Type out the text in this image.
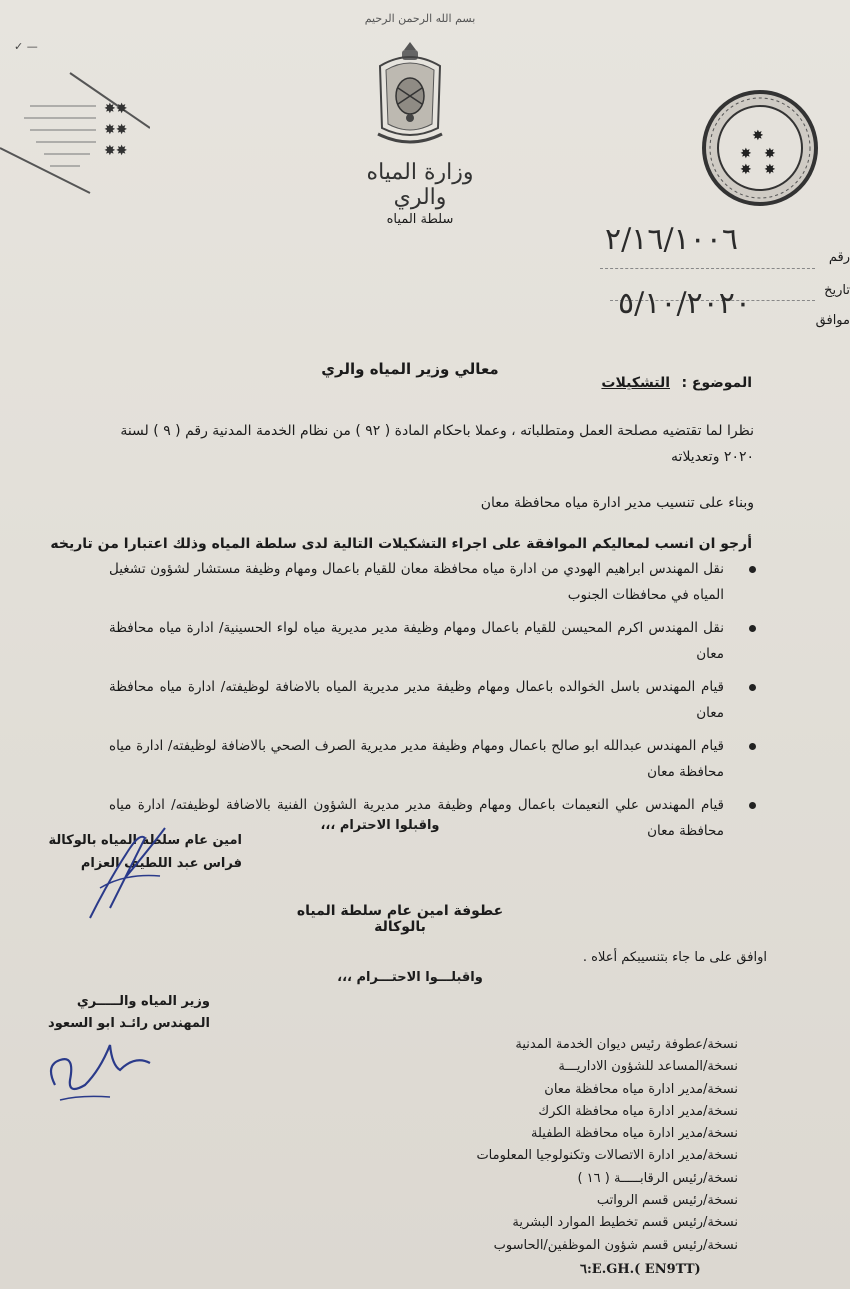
✓ —
✸✸
✸✸
✸✸
بسم الله الرحمن الرحيم
وزارة المياه والري
سلطة المياه
✸
✸ ✸
✸ ✸
رقم
٢/١٦/١٠٠٦
تاريخ
موافق
٥/١٠/٢٠٢٠
معالي وزير المياه والري
الموضوع :
التشكيلات
نظرا لما تقتضيه مصلحة العمل ومتطلباته ، وعملا باحكام المادة ( ٩٢ ) من نظام الخدمة المدنية رقم ( ٩ ) لسنة
٢٠٢٠ وتعديلاته
وبناء على تنسيب مدير ادارة مياه محافظة معان
أرجو ان انسب لمعاليكم الموافقة على اجراء التشكيلات التالية لدى سلطة المياه وذلك اعتبارا من تاريخه
نقل المهندس ابراهيم الهودي من ادارة مياه محافظة معان للقيام باعمال ومهام وظيفة مستشار لشؤون تشغيل المياه في محافظات الجنوب
نقل المهندس اكرم المحيسن للقيام باعمال ومهام وظيفة مدير مديرية مياه لواء الحسينية/ ادارة مياه محافظة معان
قيام المهندس باسل الخوالده باعمال ومهام وظيفة مدير مديرية المياه بالاضافة لوظيفته/ ادارة مياه محافظة معان
قيام المهندس عبدالله ابو صالح باعمال ومهام وظيفة مدير مديرية الصرف الصحي بالاضافة لوظيفته/ ادارة مياه محافظة معان
قيام المهندس علي النعيمات باعمال ومهام وظيفة مدير مديرية الشؤون الفنية بالاضافة لوظيفته/ ادارة مياه محافظة معان
واقبلوا الاحترام ،،،
امين عام سلطة المياه بالوكالة
فراس عبد اللطيف العزام
عطوفة امين عام سلطة المياه بالوكالة
اوافق على ما جاء بتنسيبكم أعلاه .
واقبلـــوا الاحتـــرام ،،،
وزير المياه والـــــري
المهندس رائـد ابو السعود
نسخة/عطوفة رئيس ديوان الخدمة المدنية
نسخة/المساعد للشؤون الاداريـــة
نسخة/مدير ادارة مياه محافظة معان
نسخة/مدير ادارة مياه محافظة الكرك
نسخة/مدير ادارة مياه محافظة الطفيلة
نسخة/مدير ادارة الاتصالات وتكنولوجيا المعلومات
نسخة/رئيس الرقابـــــة ( ١٦ )
نسخة/رئيس قسم الرواتب
نسخة/رئيس قسم تخطيط الموارد البشرية
نسخة/رئيس قسم شؤون الموظفين/الحاسوب
٦:E.GH.( EN9TT)
